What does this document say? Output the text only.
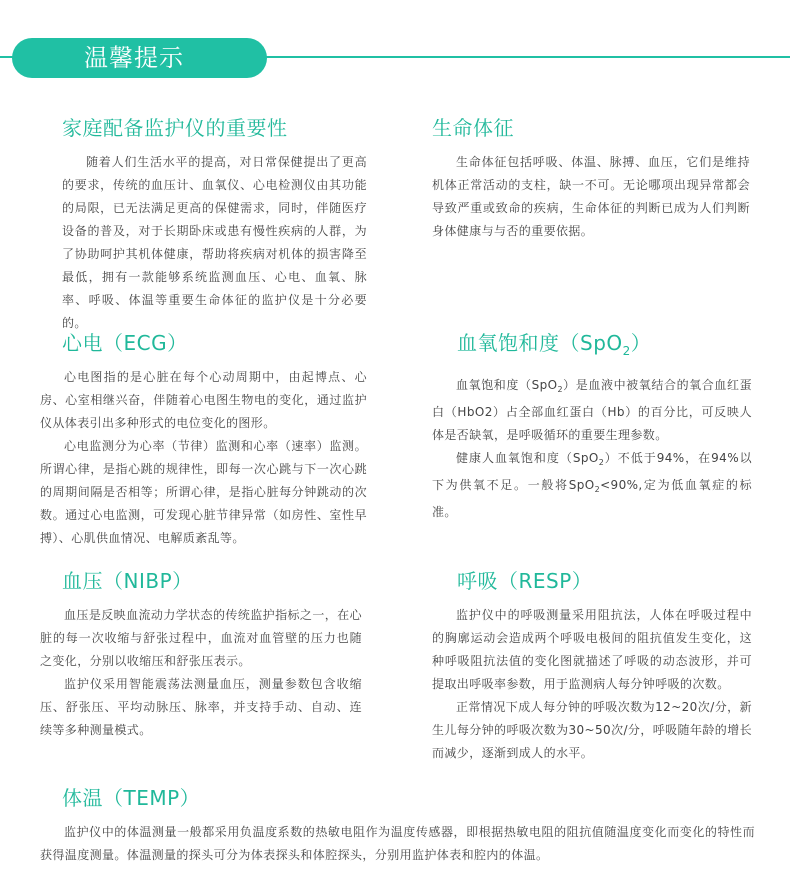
温馨提示
家庭配备监护仪的重要性

随着人们生活水平的提高，对日常保健提出了更高的要求，传统的血压计、血氧仪、心电检测仪由其功能的局限，已无法满足更高的保健需求，同时，伴随医疗设备的普及，对于长期卧床或患有慢性疾病的人群，为了协助呵护其机体健康，帮助将疾病对机体的损害降至最低，拥有一款能够系统监测血压、心电、血氧、脉率、呼吸、体温等重要生命体征的监护仪是十分必要的。

生命体征

生命体征包括呼吸、体温、脉搏、血压，它们是维持机体正常活动的支柱，缺一不可。无论哪项出现异常都会导致严重或致命的疾病，生命体征的判断已成为人们判断身体健康与与否的重要依据。

心电（ECG）

心电图指的是心脏在每个心动周期中，由起博点、心房、心室相继兴奋，伴随着心电图生物电的变化，通过监护仪从体表引出多种形式的电位变化的图形。

心电监测分为心率（节律）监测和心率（速率）监测。所谓心律，是指心跳的规律性，即每一次心跳与下一次心跳的周期间隔是否相等；所谓心律，是指心脏每分钟跳动的次数。通过心电监测，可发现心脏节律异常（如房性、室性早搏）、心肌供血情况、电解质紊乱等。

血氧饱和度（SpO$_2$）

血氧饱和度（SpO$_2$）是血液中被氧结合的氧合血红蛋白（HbO2）占全部血红蛋白（Hb）的百分比，可反映人体是否缺氧，是呼吸循环的重要生理参数。

健康人血氧饱和度（SpO$_2$）不低于94%，在94%以下为供氧不足。一般将SpO$_2$<90%,定为低血氧症的标准。

血压（NIBP）

血压是反映血流动力学状态的传统监护指标之一，在心脏的每一次收缩与舒张过程中，血流对血管壁的压力也随之变化，分别以收缩压和舒张压表示。

监护仪采用智能震荡法测量血压，测量参数包含收缩压、舒张压、平均动脉压、脉率，并支持手动、自动、连续等多种测量模式。

呼吸（RESP）

监护仪中的呼吸测量采用阻抗法，人体在呼吸过程中的胸廓运动会造成两个呼吸电极间的阻抗值发生变化，这种呼吸阻抗法值的变化图就描述了呼吸的动态波形，并可提取出呼吸率参数，用于监测病人每分钟呼吸的次数。

正常情况下成人每分钟的呼吸次数为12~20次/分，新生儿每分钟的呼吸次数为30~50次/分，呼吸随年龄的增长而减少，逐渐到成人的水平。

体温（TEMP）

监护仪中的体温测量一般都采用负温度系数的热敏电阻作为温度传感器，即根据热敏电阻的阻抗值随温度变化而变化的特性而获得温度测量。体温测量的探头可分为体表探头和体腔探头，分别用监护体表和腔内的体温。
